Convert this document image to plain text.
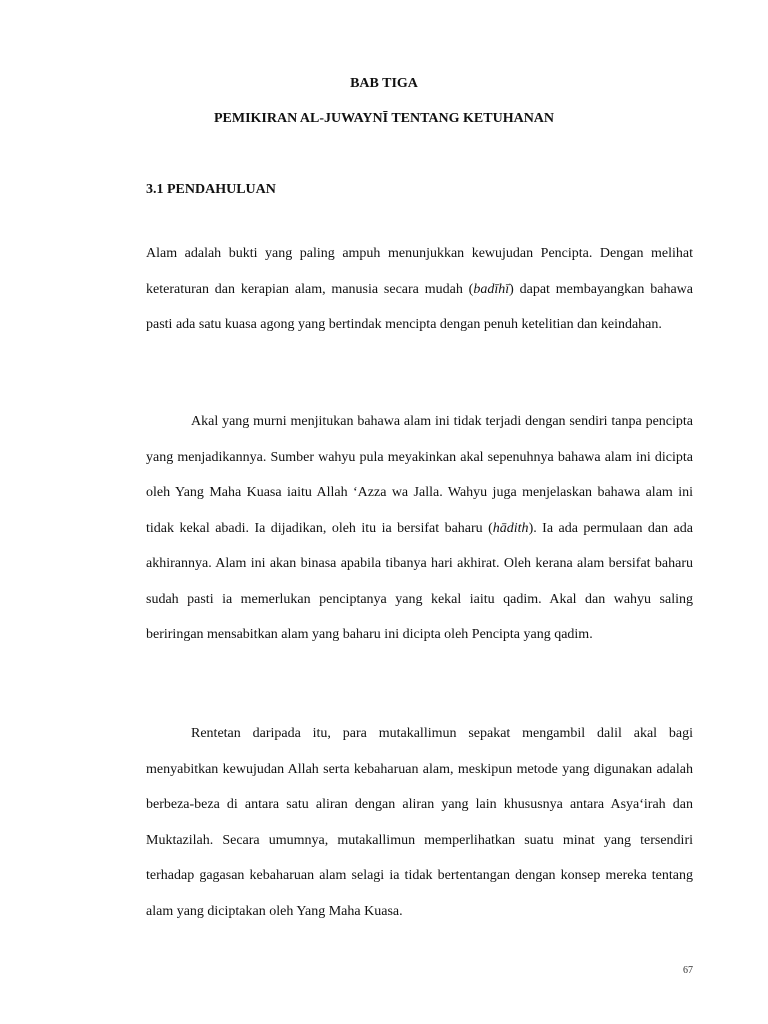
BAB TIGA
PEMIKIRAN AL-JUWAYNĪ TENTANG KETUHANAN
3.1 PENDAHULUAN

Alam adalah bukti yang paling ampuh menunjukkan kewujudan Pencipta. Dengan melihat keteraturan dan kerapian alam, manusia secara mudah (badīhī) dapat membayangkan bahawa pasti ada satu kuasa agong yang bertindak mencipta dengan penuh ketelitian dan keindahan.

Akal yang murni menjitukan bahawa alam ini tidak terjadi dengan sendiri tanpa pencipta yang menjadikannya. Sumber wahyu pula meyakinkan akal sepenuhnya bahawa alam ini dicipta oleh Yang Maha Kuasa iaitu Allah ‘Azza wa Jalla. Wahyu juga menjelaskan bahawa alam ini tidak kekal abadi. Ia dijadikan, oleh itu ia bersifat baharu (hādith). Ia ada permulaan dan ada akhirannya. Alam ini akan binasa apabila tibanya hari akhirat. Oleh kerana alam bersifat baharu sudah pasti ia memerlukan penciptanya yang kekal iaitu qadim. Akal dan wahyu saling beriringan mensabitkan alam yang baharu ini dicipta oleh Pencipta yang qadim.

Rentetan daripada itu, para mutakallimun sepakat mengambil dalil akal bagi menyabitkan kewujudan Allah serta kebaharuan alam, meskipun metode yang digunakan adalah berbeza-beza di antara satu aliran dengan aliran yang lain khususnya antara Asya‘irah dan Muktazilah. Secara umumnya, mutakallimun memperlihatkan suatu minat yang tersendiri terhadap gagasan kebaharuan alam selagi ia tidak bertentangan dengan konsep mereka tentang alam yang diciptakan oleh Yang Maha Kuasa.

67
